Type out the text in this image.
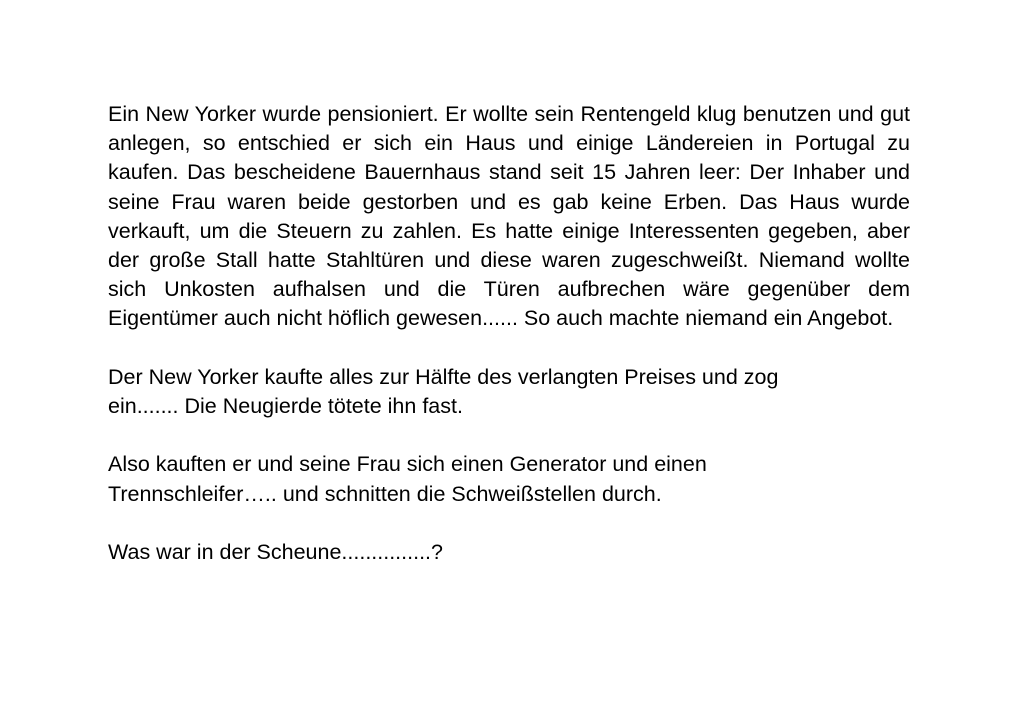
Ein New Yorker wurde pensioniert. Er wollte sein Rentengeld klug benutzen und gut anlegen, so entschied er sich ein Haus und einige Ländereien in Portugal zu kaufen. Das bescheidene Bauernhaus stand seit 15 Jahren leer: Der Inhaber und seine Frau waren beide gestorben und es gab keine Erben. Das Haus wurde verkauft, um die Steuern zu zahlen. Es hatte einige Interessenten gegeben, aber der große Stall hatte Stahltüren und diese waren zugeschweißt. Niemand wollte sich Unkosten aufhalsen und die Türen aufbrechen wäre gegenüber dem Eigentümer auch nicht höflich gewesen...... So auch machte niemand ein Angebot.

Der New Yorker kaufte alles zur Hälfte des verlangten Preises und zog
ein....... Die Neugierde tötete ihn fast.

Also kauften er und seine Frau sich einen Generator und einen
Trennschleifer….. und schnitten die Schweißstellen durch.

Was war in der Scheune...............?
